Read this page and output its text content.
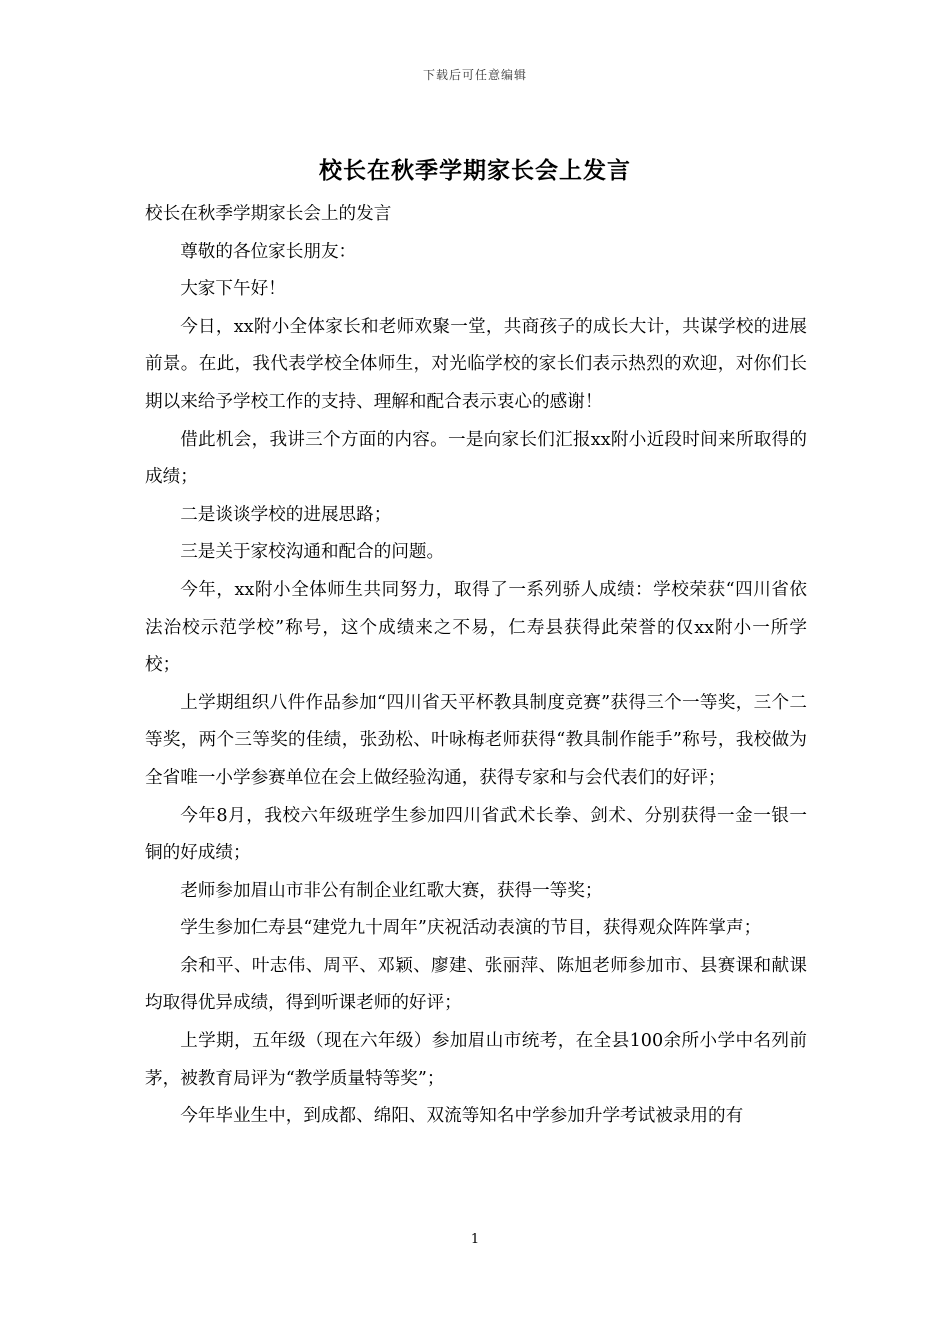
下载后可任意编辑
校长在秋季学期家长会上发言

校长在秋季学期家长会上的发言

尊敬的各位家长朋友：

大家下午好！

今日，xx附小全体家长和老师欢聚一堂，共商孩子的成长大计，共谋学校的进展前景。在此，我代表学校全体师生，对光临学校的家长们表示热烈的欢迎，对你们长期以来给予学校工作的支持、理解和配合表示衷心的感谢！

借此机会，我讲三个方面的内容。一是向家长们汇报xx附小近段时间来所取得的成绩；

二是谈谈学校的进展思路；

三是关于家校沟通和配合的问题。

今年，xx附小全体师生共同努力，取得了一系列骄人成绩：学校荣获“四川省依法治校示范学校”称号，这个成绩来之不易，仁寿县获得此荣誉的仅xx附小一所学校；

上学期组织八件作品参加“四川省天平杯教具制度竞赛”获得三个一等奖，三个二等奖，两个三等奖的佳绩，张劲松、叶咏梅老师获得“教具制作能手”称号，我校做为全省唯一小学参赛单位在会上做经验沟通，获得专家和与会代表们的好评；

今年8月，我校六年级班学生参加四川省武术长拳、剑术、分别获得一金一银一铜的好成绩；

老师参加眉山市非公有制企业红歌大赛，获得一等奖；

学生参加仁寿县“建党九十周年”庆祝活动表演的节目，获得观众阵阵掌声；

余和平、叶志伟、周平、邓颖、廖建、张丽萍、陈旭老师参加市、县赛课和献课均取得优异成绩，得到听课老师的好评；

上学期，五年级（现在六年级）参加眉山市统考，在全县100余所小学中名列前茅，被教育局评为“教学质量特等奖”；

今年毕业生中，到成都、绵阳、双流等知名中学参加升学考试被录用的有

1
